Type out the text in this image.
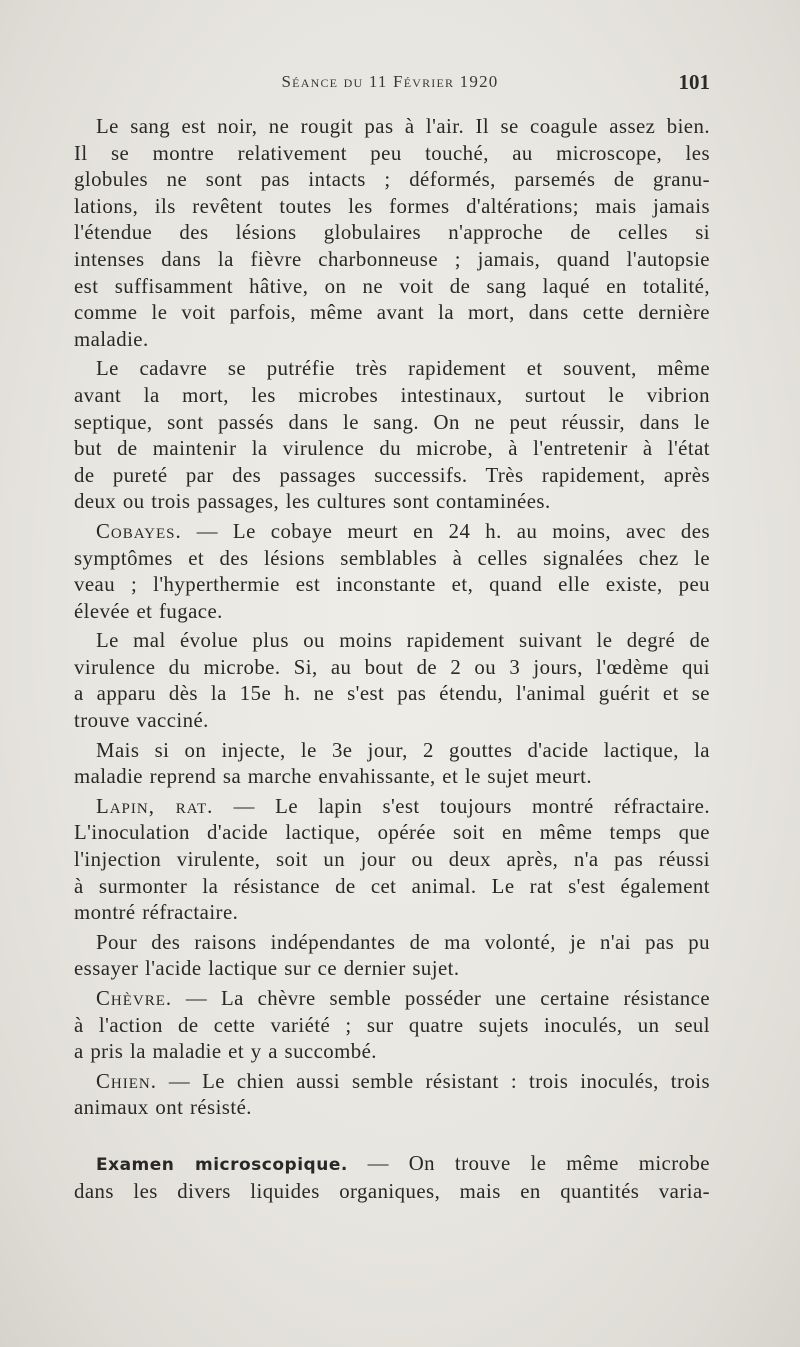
Séance du 11 Février 1920	101

Le sang est noir, ne rougit pas à l'air. Il se coagule assez bien.
Il se montre relativement peu touché, au microscope, les
globules ne sont pas intacts ; déformés, parsemés de granu-
lations, ils revêtent toutes les formes d'altérations; mais jamais
l'étendue des lésions globulaires n'approche de celles si
intenses dans la fièvre charbonneuse ; jamais, quand l'autopsie
est suffisamment hâtive, on ne voit de sang laqué en totalité,
comme le voit parfois, même avant la mort, dans cette dernière
maladie.

Le cadavre se putréfie très rapidement et souvent, même
avant la mort, les microbes intestinaux, surtout le vibrion
septique, sont passés dans le sang. On ne peut réussir, dans le
but de maintenir la virulence du microbe, à l'entretenir à l'état
de pureté par des passages successifs. Très rapidement, après
deux ou trois passages, les cultures sont contaminées.

Cobayes. — Le cobaye meurt en 24 h. au moins, avec des
symptômes et des lésions semblables à celles signalées chez le
veau ; l'hyperthermie est inconstante et, quand elle existe, peu
élevée et fugace.

Le mal évolue plus ou moins rapidement suivant le degré de
virulence du microbe. Si, au bout de 2 ou 3 jours, l'œdème qui
a apparu dès la 15e h. ne s'est pas étendu, l'animal guérit et se
trouve vacciné.

Mais si on injecte, le 3e jour, 2 gouttes d'acide lactique, la
maladie reprend sa marche envahissante, et le sujet meurt.

Lapin, rat. — Le lapin s'est toujours montré réfractaire.
L'inoculation d'acide lactique, opérée soit en même temps que
l'injection virulente, soit un jour ou deux après, n'a pas réussi
à surmonter la résistance de cet animal. Le rat s'est également
montré réfractaire.

Pour des raisons indépendantes de ma volonté, je n'ai pas pu
essayer l'acide lactique sur ce dernier sujet.

Chèvre. — La chèvre semble posséder une certaine résistance
à l'action de cette variété ; sur quatre sujets inoculés, un seul
a pris la maladie et y a succombé.

Chien. — Le chien aussi semble résistant : trois inoculés, trois
animaux ont résisté.

Examen microscopique. — On trouve le même microbe
dans les divers liquides organiques, mais en quantités varia-
